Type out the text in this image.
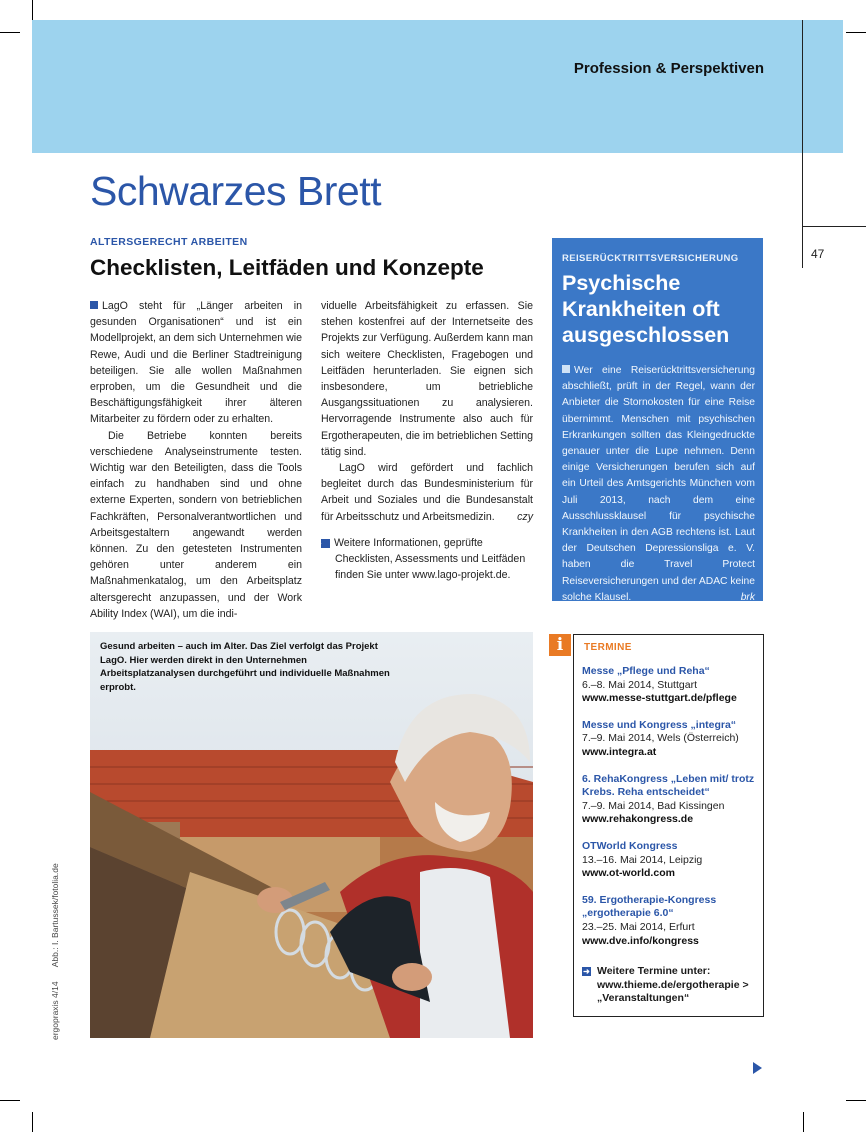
Profession & Perspektiven
47
Schwarzes Brett
ALTERSGERECHT ARBEITEN
Checklisten, Leitfäden und Konzepte

LagO steht für „Länger arbeiten in gesunden Organisationen“ und ist ein Modellprojekt, an dem sich Unternehmen wie Rewe, Audi und die Berliner Stadtreinigung beteiligen. Sie alle wollen Maßnahmen erproben, um die Gesundheit und die Beschäftigungsfähigkeit ihrer älteren Mitarbeiter zu fördern oder zu erhalten.

Die Betriebe konnten bereits verschiedene Analyseinstrumente testen. Wichtig war den Beteiligten, dass die Tools einfach zu handhaben sind und ohne externe Experten, sondern von betrieblichen Fachkräften, Personalverantwortlichen und Arbeitsgestaltern angewandt werden können. Zu den getesteten Instrumenten gehören unter anderem ein Maßnahmenkatalog, um den Arbeitsplatz altersgerecht anzupassen, und der Work Ability Index (WAI), um die indi-

viduelle Arbeitsfähigkeit zu erfassen. Sie stehen kostenfrei auf der Internetseite des Projekts zur Verfügung. Außerdem kann man sich weitere Checklisten, Fragebogen und Leitfäden herunterladen. Sie eignen sich insbesondere, um betriebliche Ausgangssituationen zu analysieren. Hervorragende Instrumente also auch für Ergotherapeuten, die im betrieblichen Setting tätig sind.

LagO wird gefördert und fachlich begleitet durch das Bundesministerium für Arbeit und Soziales und die Bundesanstalt für Arbeitsschutz und Arbeitsmedizin.	czy

➜ Weitere Informationen, geprüfte Checklisten, Assessments und Leitfäden finden Sie unter www.lago-projekt.de.

REISERÜCKTRITTSVERSICHERUNG
Psychische Krankheiten oft ausgeschlossen
Wer eine Reiserücktrittsversicherung abschließt, prüft in der Regel, wann der Anbieter die Stornokosten für eine Reise übernimmt. Menschen mit psychischen Erkrankungen sollten das Kleingedruckte genauer unter die Lupe nehmen. Denn einige Versicherungen berufen sich auf ein Urteil des Amtsgerichts München vom Juli 2013, nach dem eine Ausschlussklausel für psychische Krankheiten in den AGB rechtens ist. Laut der Deutschen Depressionsliga e. V. haben die Travel Protect Reiseversicherungen und der ADAC keine solche Klausel.	brk
Gesund arbeiten – auch im Alter. Das Ziel verfolgt das Projekt LagO. Hier werden direkt in den Unternehmen Arbeitsplatzanalysen durchgeführt und individuelle Maßnahmen erprobt.
ergopraxis 4/14      Abb.: I. Bartussek/fotolia.de
i	TERMINE
Messe „Pflege und Reha“
6.–8. Mai 2014, Stuttgart
www.messe-stuttgart.de/pflege
Messe und Kongress „integra“
7.–9. Mai 2014, Wels (Österreich)
www.integra.at
6. RehaKongress „Leben mit/ trotz Krebs. Reha entscheidet“
7.–9. Mai 2014, Bad Kissingen
www.rehakongress.de
OTWorld Kongress
13.–16. Mai 2014, Leipzig
www.ot-world.com
59. Ergotherapie-Kongress „ergotherapie 6.0“
23.–25. Mai 2014, Erfurt
www.dve.info/kongress
➜ Weitere Termine unter: www.thieme.de/ergotherapie > „Veranstaltungen“
